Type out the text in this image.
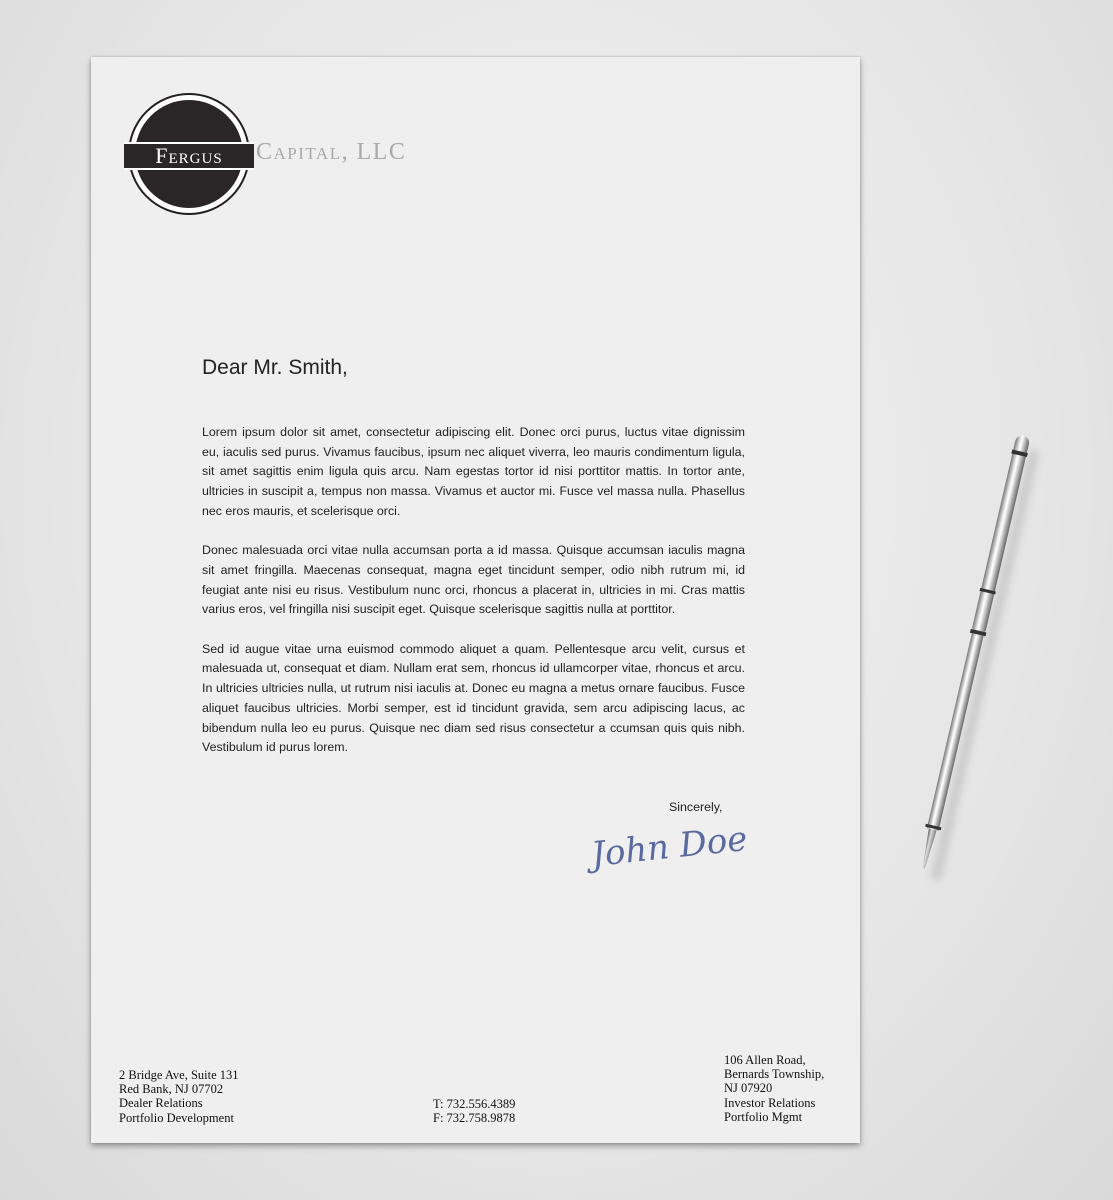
Fergus	Capital, LLC
Dear Mr. Smith,

Lorem ipsum dolor sit amet, consectetur adipiscing elit. Donec orci purus, luctus vitae dignissim eu, iaculis sed purus. Vivamus faucibus, ipsum nec aliquet viverra, leo mauris condimentum ligula, sit amet sagittis enim ligula quis arcu. Nam egestas tortor id nisi porttitor mattis. In tortor ante, ultricies in suscipit a, tempus non massa. Vivamus et auctor mi. Fusce vel massa nulla. Phasellus nec eros mauris, et scelerisque orci.

Donec malesuada orci vitae nulla accumsan porta a id massa. Quisque accumsan iaculis magna sit amet fringilla. Maecenas consequat, magna eget tincidunt semper, odio nibh rutrum mi, id feugiat ante nisi eu risus. Vestibulum nunc orci, rhoncus a placerat in, ultricies in mi. Cras mattis varius eros, vel fringilla nisi suscipit eget. Quisque scelerisque sagittis nulla at porttitor.

Sed id augue vitae urna euismod commodo aliquet a quam. Pellentesque arcu velit, cursus et malesuada ut, consequat et diam. Nullam erat sem, rhoncus id ullamcorper vitae, rhoncus et arcu. In ultricies ultricies nulla, ut rutrum nisi iaculis at. Donec eu magna a metus ornare faucibus. Fusce aliquet faucibus ultricies. Morbi semper, est id tincidunt gravida, sem arcu adipiscing lacus, ac bibendum nulla leo eu purus. Quisque nec diam sed risus consectetur a ccumsan quis quis nibh. Vestibulum id purus lorem.

Sincerely,
John Doe
2 Bridge Ave, Suite 131
Red Bank, NJ 07702
Dealer Relations
Portfolio Development
T: 732.556.4389
F: 732.758.9878
106 Allen Road,
Bernards Township,
NJ 07920
Investor Relations
Portfolio Mgmt
